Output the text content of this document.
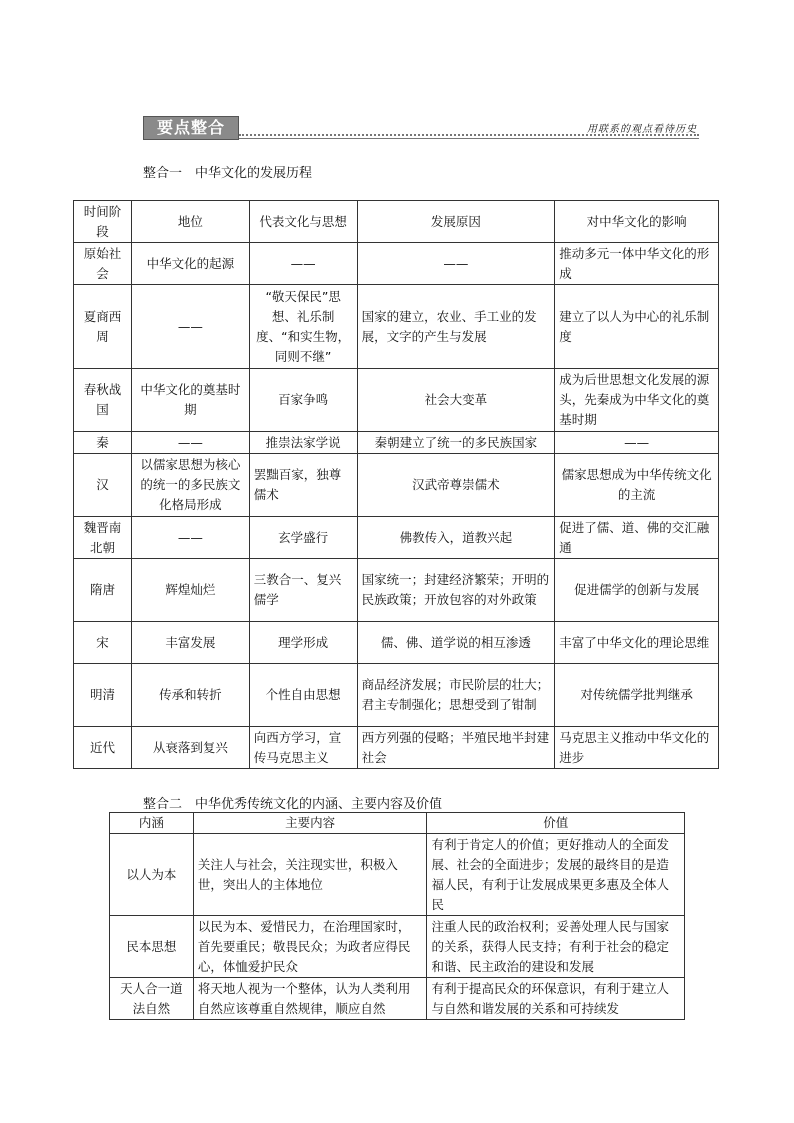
要点整合	用联系的观点看待历史
整合一　中华文化的发展历程
时间阶段	地位	代表文化与思想	发展原因	对中华文化的影响
原始社会	中华文化的起源	——	——	推动多元一体中华文化的形成
夏商西周	——	“敬天保民”思想、礼乐制度、“和实生物，同则不继”	国家的建立，农业、手工业的发展，文字的产生与发展	建立了以人为中心的礼乐制度
春秋战国	中华文化的奠基时期	百家争鸣	社会大变革	成为后世思想文化发展的源头，先秦成为中华文化的奠基时期
秦	——	推崇法家学说	秦朝建立了统一的多民族国家	——
汉	以儒家思想为核心的统一的多民族文化格局形成	罢黜百家，独尊儒术	汉武帝尊崇儒术	儒家思想成为中华传统文化的主流
魏晋南北朝	——	玄学盛行	佛教传入，道教兴起	促进了儒、道、佛的交汇融通
隋唐	辉煌灿烂	三教合一、复兴儒学	国家统一；封建经济繁荣；开明的民族政策；开放包容的对外政策	促进儒学的创新与发展
宋	丰富发展	理学形成	儒、佛、道学说的相互渗透	丰富了中华文化的理论思维
明清	传承和转折	个性自由思想	商品经济发展；市民阶层的壮大；君主专制强化；思想受到了钳制	对传统儒学批判继承
近代	从衰落到复兴	向西方学习，宣传马克思主义	西方列强的侵略；半殖民地半封建社会	马克思主义推动中华文化的进步
整合二　中华优秀传统文化的内涵、主要内容及价值
内涵	主要内容	价值
以人为本	关注人与社会，关注现实世，积极入世，突出人的主体地位	有利于肯定人的价值；更好推动人的全面发展、社会的全面进步；发展的最终目的是造福人民，有利于让发展成果更多惠及全体人民
民本思想	以民为本、爱惜民力，在治理国家时，首先要重民；敬畏民众；为政者应得民心，体恤爱护民众	注重人民的政治权利；妥善处理人民与国家的关系，获得人民支持；有利于社会的稳定和谐、民主政治的建设和发展
天人合一道法自然	将天地人视为一个整体，认为人类利用自然应该尊重自然规律，顺应自然	有利于提高民众的环保意识，有利于建立人与自然和谐发展的关系和可持续发
